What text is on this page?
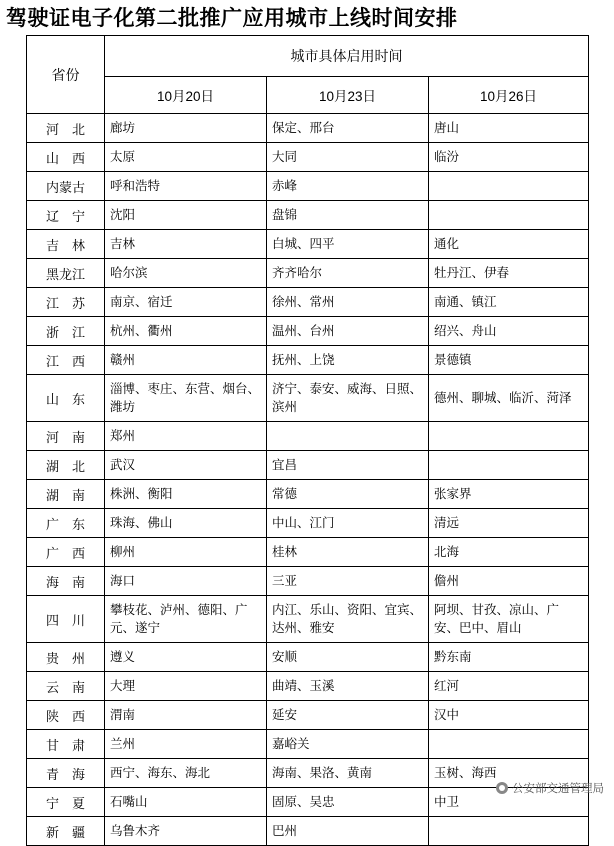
驾驶证电子化第二批推广应用城市上线时间安排
省份	城市具体启用时间		
	10月20日	10月23日	10月26日
河　北	廊坊	保定、邢台	唐山
山　西	太原	大同	临汾
内蒙古	呼和浩特	赤峰	
辽　宁	沈阳	盘锦	
吉　林	吉林	白城、四平	通化
黑龙江	哈尔滨	齐齐哈尔	牡丹江、伊春
江　苏	南京、宿迁	徐州、常州	南通、镇江
浙　江	杭州、衢州	温州、台州	绍兴、舟山
江　西	赣州	抚州、上饶	景德镇
山　东	淄博、枣庄、东营、烟台、潍坊	济宁、泰安、威海、日照、滨州	德州、聊城、临沂、菏泽
河　南	郑州		
湖　北	武汉	宜昌	
湖　南	株洲、衡阳	常德	张家界
广　东	珠海、佛山	中山、江门	清远
广　西	柳州	桂林	北海
海　南	海口	三亚	儋州
四　川	攀枝花、泸州、德阳、广元、遂宁	内江、乐山、资阳、宜宾、达州、雅安	阿坝、甘孜、凉山、广安、巴中、眉山
贵　州	遵义	安顺	黔东南
云　南	大理	曲靖、玉溪	红河
陕　西	渭南	延安	汉中
甘　肃	兰州	嘉峪关	
青　海	西宁、海东、海北	海南、果洛、黄南	玉树、海西
宁　夏	石嘴山	固原、吴忠	中卫
新　疆	乌鲁木齐	巴州	
公安部交通管理局
